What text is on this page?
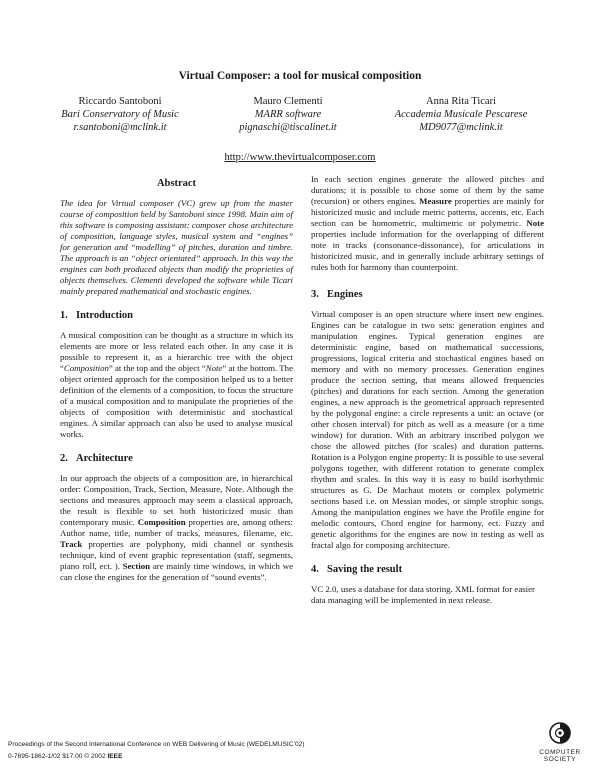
Virtual Composer: a tool for musical composition
Riccardo Santoboni
Bari Conservatory of Music
r.santoboni@mclink.it
Mauro Clementi
MARR software
pignaschi@tiscalinet.it
Anna Rita Ticari
Accademia Musicale Pescarese
MD9077@mclink.it
http://www.thevirtualcomposer.com
Abstract

The idea for Virtual composer (VC) grew up from the master course of composition held by Santoboni since 1998. Main aim of this software is composing assistant: composer chose architecture of composition, language styles, musical system and “engines” for generation and “modelling” of pitches, duration and timbre. The approach is an “object orientated” approach. In this way the engines can both produced objects than modify the proprieties of objects themselves. Clementi developed the software while Ticari mainly prepared mathematical and stochastic engines.

1. Introduction

A musical composition can be thought as a structure in which its elements are more or less related each other. In any case it is possible to represent it, as a hierarchic tree with the object “Composition” at the top and the object “Note” at the bottom. The object oriented approach for the composition helped us to a better definition of the elements of a composition, to focus the structure of a musical composition and to manipulate the proprieties of the objects of composition with deterministic and stochastical engines. A similar approach can also be used to analyse musical works.

2. Architecture

In our approach the objects of a composition are, in hierarchical order: Composition, Track, Section, Measure, Note. Although the sections and measures approach may seem a classical approach, the result is flexible to set both historicized music than contemporary music. Composition properties are, among others: Author name, title, number of tracks, measures, filename, etc. Track properties are polyphony, midi channel or synthesis technique, kind of event graphic representation (staff, segments, piano roll, ect. ). Section are mainly time windows, in which we can close the engines for the generation of “sound events”.

In each section engines generate the allowed pitches and durations; it is possible to chose some of them by the same (recursion) or others engines. Measure properties are mainly for historicized music and include metric patterns, accents, etc. Each section can be homometric, multimetric or polymetric. Note properties include information for the overlapping of different note in tracks (consonance-dissonance), for articulations in historicized music, and in generally include arbitrary settings of rules both for harmony than counterpoint.

3. Engines

Virtual composer is an open structure where insert new engines. Engines can be catalogue in two sets: generation engines and manipulation engines. Typical generation engines are deterministic engine, based on mathematical successions, progressions, logical criteria and stochastical engines based on memory and with no memory processes. Generation engines produce the section setting, that means allowed frequencies (pitches) and durations for each section. Among the generation engines, a new approach is the geometrical approach represented by the polygonal engine: a circle represents a unit: an octave (or other chosen interval) for pitch as well as a measure (or a time window) for duration. With an arbitrary inscribed polygon we chose the allowed pitches (for scales) and duration patterns. Rotation is a Polygon engine property: It is possible to use several polygons together, with different rotation to generate complex rhythm and scales. In this way it is easy to build isorhythmic structures as G. De Machaut motets or complex polymetric sections based i.e. on Messian modes, or simple strophic songs. Among the manipulation engines we have the Profile engine for melodic contours, Chord engine for harmony, ect. Fuzzy and genetic algorithms for the engines are now in testing as well as fractal algo for composing architecture.

4. Saving the result

VC 2.0, uses a database for data storing. XML format for easier data managing will be implemented in next release.

Proceedings of the Second International Conference on WEB Delivering of Music (WEDELMUSIC’02)
0-7695-1862-1/02 $17.00 © 2002 IEEE
COMPUTER
SOCIETY
